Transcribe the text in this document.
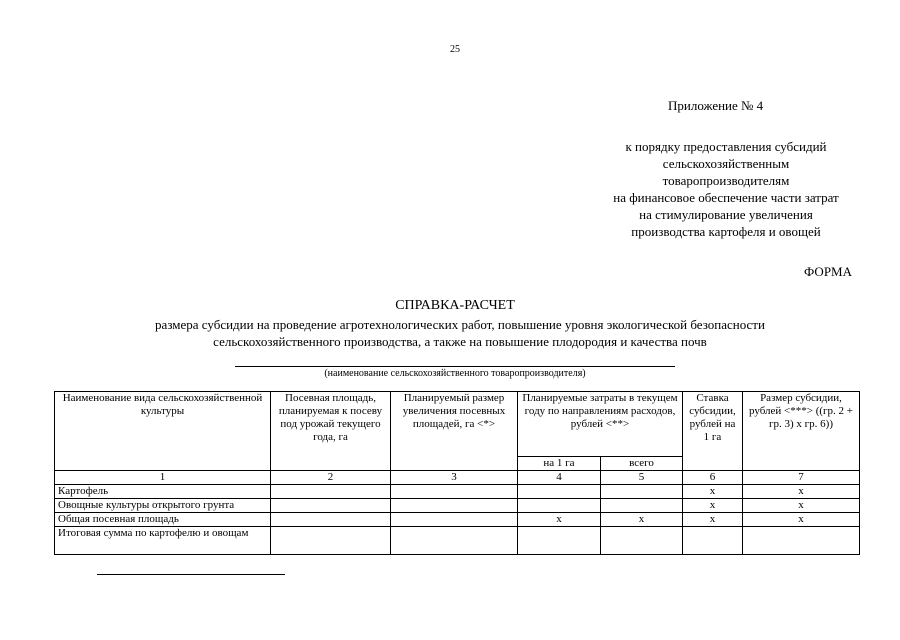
25
Приложение № 4
к порядку предоставления субсидий
сельскохозяйственным
товаропроизводителям
на финансовое обеспечение части затрат
на стимулирование увеличения
производства картофеля и овощей
ФОРМА
СПРАВКА-РАСЧЕТ
размера субсидии на проведение агротехнологических работ, повышение уровня экологической безопасности
сельскохозяйственного производства, а также на повышение плодородия и качества почв
(наименование сельскохозяйственного товаропроизводителя)
Наименование вида сельскохозяйственной культуры	Посевная площадь, планируемая к посеву под урожай текущего года, га	Планируемый размер увеличения посевных площадей, га <*>	Планируемые затраты в текущем году по направлениям расходов, рублей <**>		Ставка субсидии, рублей на 1 га	Размер субсидии, рублей <***> ((гр. 2 + гр. 3) x гр. 6))
			на 1 га	всего		
1	2	3	4	5	6	7
Картофель					x	x
Овощные культуры открытого грунта					x	x
Общая посевная площадь			x	x	x	x
Итоговая сумма по картофелю и овощам						
